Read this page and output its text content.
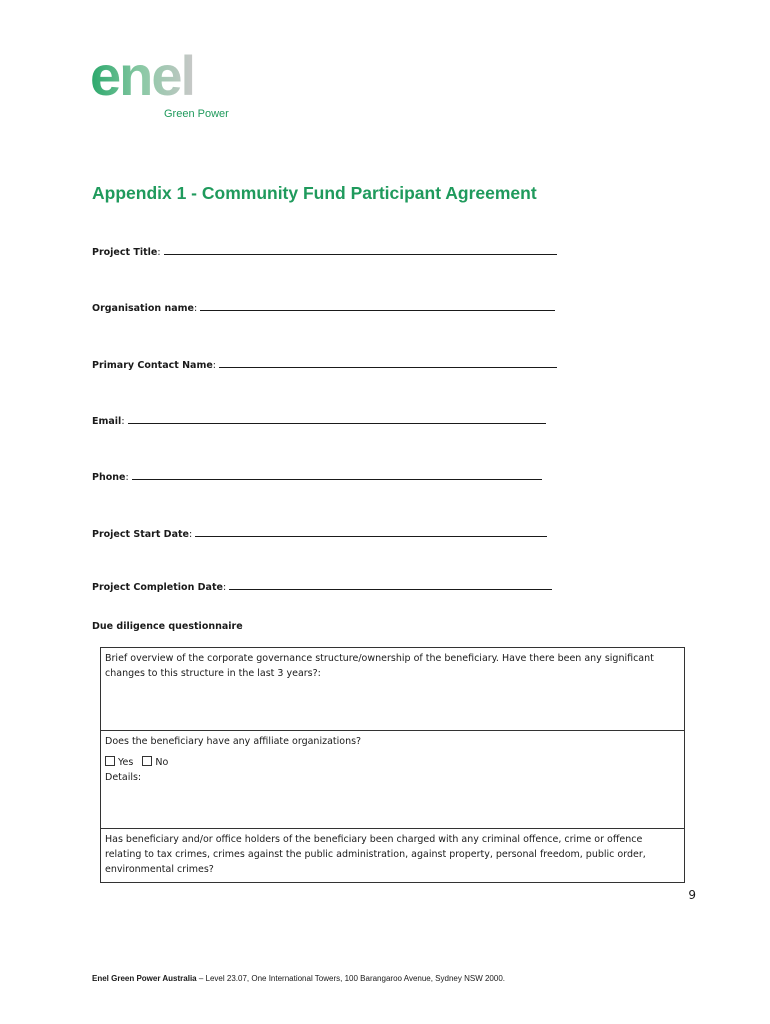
enel
Green Power
Appendix 1 - Community Fund Participant Agreement
Project Title:
Organisation name:
Primary Contact Name:
Email:
Phone:
Project Start Date:
Project Completion Date:
Due diligence questionnaire
Brief overview of the corporate governance structure/ownership of the beneficiary. Have there been any significant changes to this structure in the last 3 years?:
Does the beneficiary have any affiliate organizations?
Yes No
Details:
Has beneficiary and/or office holders of the beneficiary been charged with any criminal offence, crime or offence relating to tax crimes, crimes against the public administration, against property, personal freedom, public order, environmental crimes?
9
Enel Green Power Australia – Level 23.07, One International Towers, 100 Barangaroo Avenue, Sydney NSW 2000.
